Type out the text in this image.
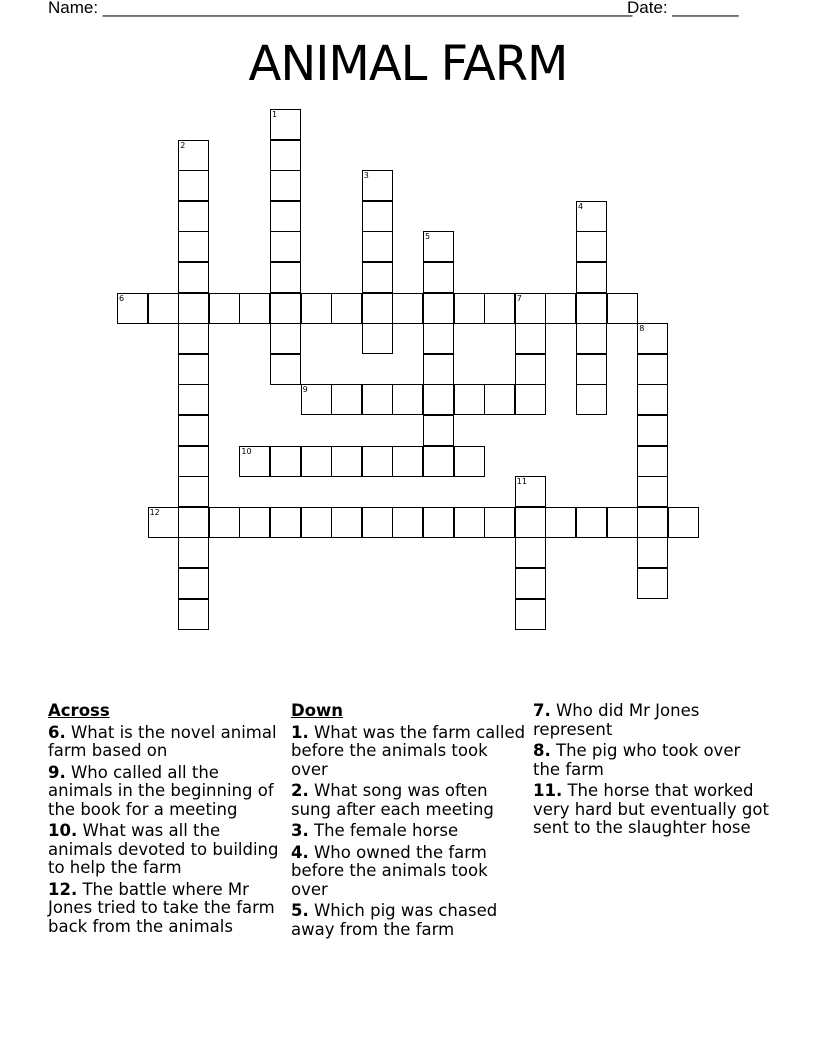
Name: ________________________________________________________
Date: _______
ANIMAL FARM
1
2
3
4
5
6	7
8
9
10
11
12
Across
6. What is the novel animal farm based on
9. Who called all the animals in the beginning of the book for a meeting
10. What was all the animals devoted to building to help the farm
12. The battle where Mr Jones tried to take the farm back from the animals
Down
1. What was the farm called before the animals took over
2. What song was often sung after each meeting
3. The female horse
4. Who owned the farm before the animals took over
5. Which pig was chased away from the farm
7. Who did Mr Jones represent
8. The pig who took over the farm
11. The horse that worked very hard but eventually got sent to the slaughter hose
